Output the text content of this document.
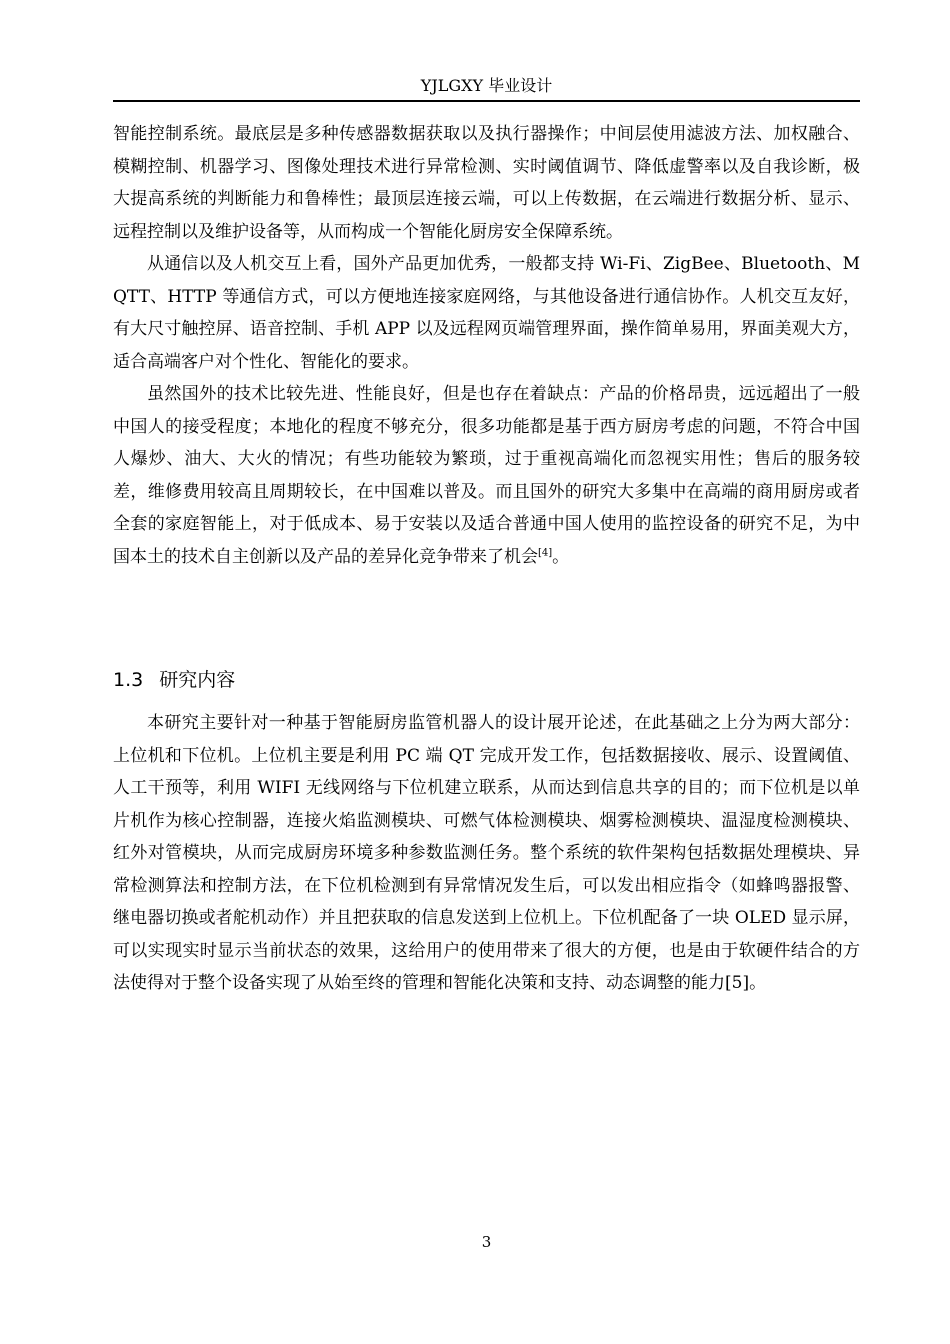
YJLGXY 毕业设计

智能控制系统。最底层是多种传感器数据获取以及执行器操作；中间层使用滤波方法、加权融合、模糊控制、机器学习、图像处理技术进行异常检测、实时阈值调节、降低虚警率以及自我诊断，极大提高系统的判断能力和鲁棒性；最顶层连接云端，可以上传数据，在云端进行数据分析、显示、远程控制以及维护设备等，从而构成一个智能化厨房安全保障系统。

从通信以及人机交互上看，国外产品更加优秀，一般都支持 Wi-Fi、ZigBee、Bluetooth、MQTT、HTTP 等通信方式，可以方便地连接家庭网络，与其他设备进行通信协作。人机交互友好，有大尺寸触控屏、语音控制、手机 APP 以及远程网页端管理界面，操作简单易用，界面美观大方，适合高端客户对个性化、智能化的要求。

虽然国外的技术比较先进、性能良好，但是也存在着缺点：产品的价格昂贵，远远超出了一般中国人的接受程度；本地化的程度不够充分，很多功能都是基于西方厨房考虑的问题，不符合中国人爆炒、油大、大火的情况；有些功能较为繁琐，过于重视高端化而忽视实用性；售后的服务较差，维修费用较高且周期较长，在中国难以普及。而且国外的研究大多集中在高端的商用厨房或者全套的家庭智能上，对于低成本、易于安装以及适合普通中国人使用的监控设备的研究不足，为中国本土的技术自主创新以及产品的差异化竞争带来了机会[4]。

1.3 研究内容

本研究主要针对一种基于智能厨房监管机器人的设计展开论述，在此基础之上分为两大部分：上位机和下位机。上位机主要是利用 PC 端 QT 完成开发工作，包括数据接收、展示、设置阈值、人工干预等，利用 WIFI 无线网络与下位机建立联系，从而达到信息共享的目的；而下位机是以单片机作为核心控制器，连接火焰监测模块、可燃气体检测模块、烟雾检测模块、温湿度检测模块、红外对管模块，从而完成厨房环境多种参数监测任务。整个系统的软件架构包括数据处理模块、异常检测算法和控制方法，在下位机检测到有异常情况发生后，可以发出相应指令（如蜂鸣器报警、继电器切换或者舵机动作）并且把获取的信息发送到上位机上。下位机配备了一块 OLED 显示屏，可以实现实时显示当前状态的效果，这给用户的使用带来了很大的方便，也是由于软硬件结合的方法使得对于整个设备实现了从始至终的管理和智能化决策和支持、动态调整的能力[5]。

3
